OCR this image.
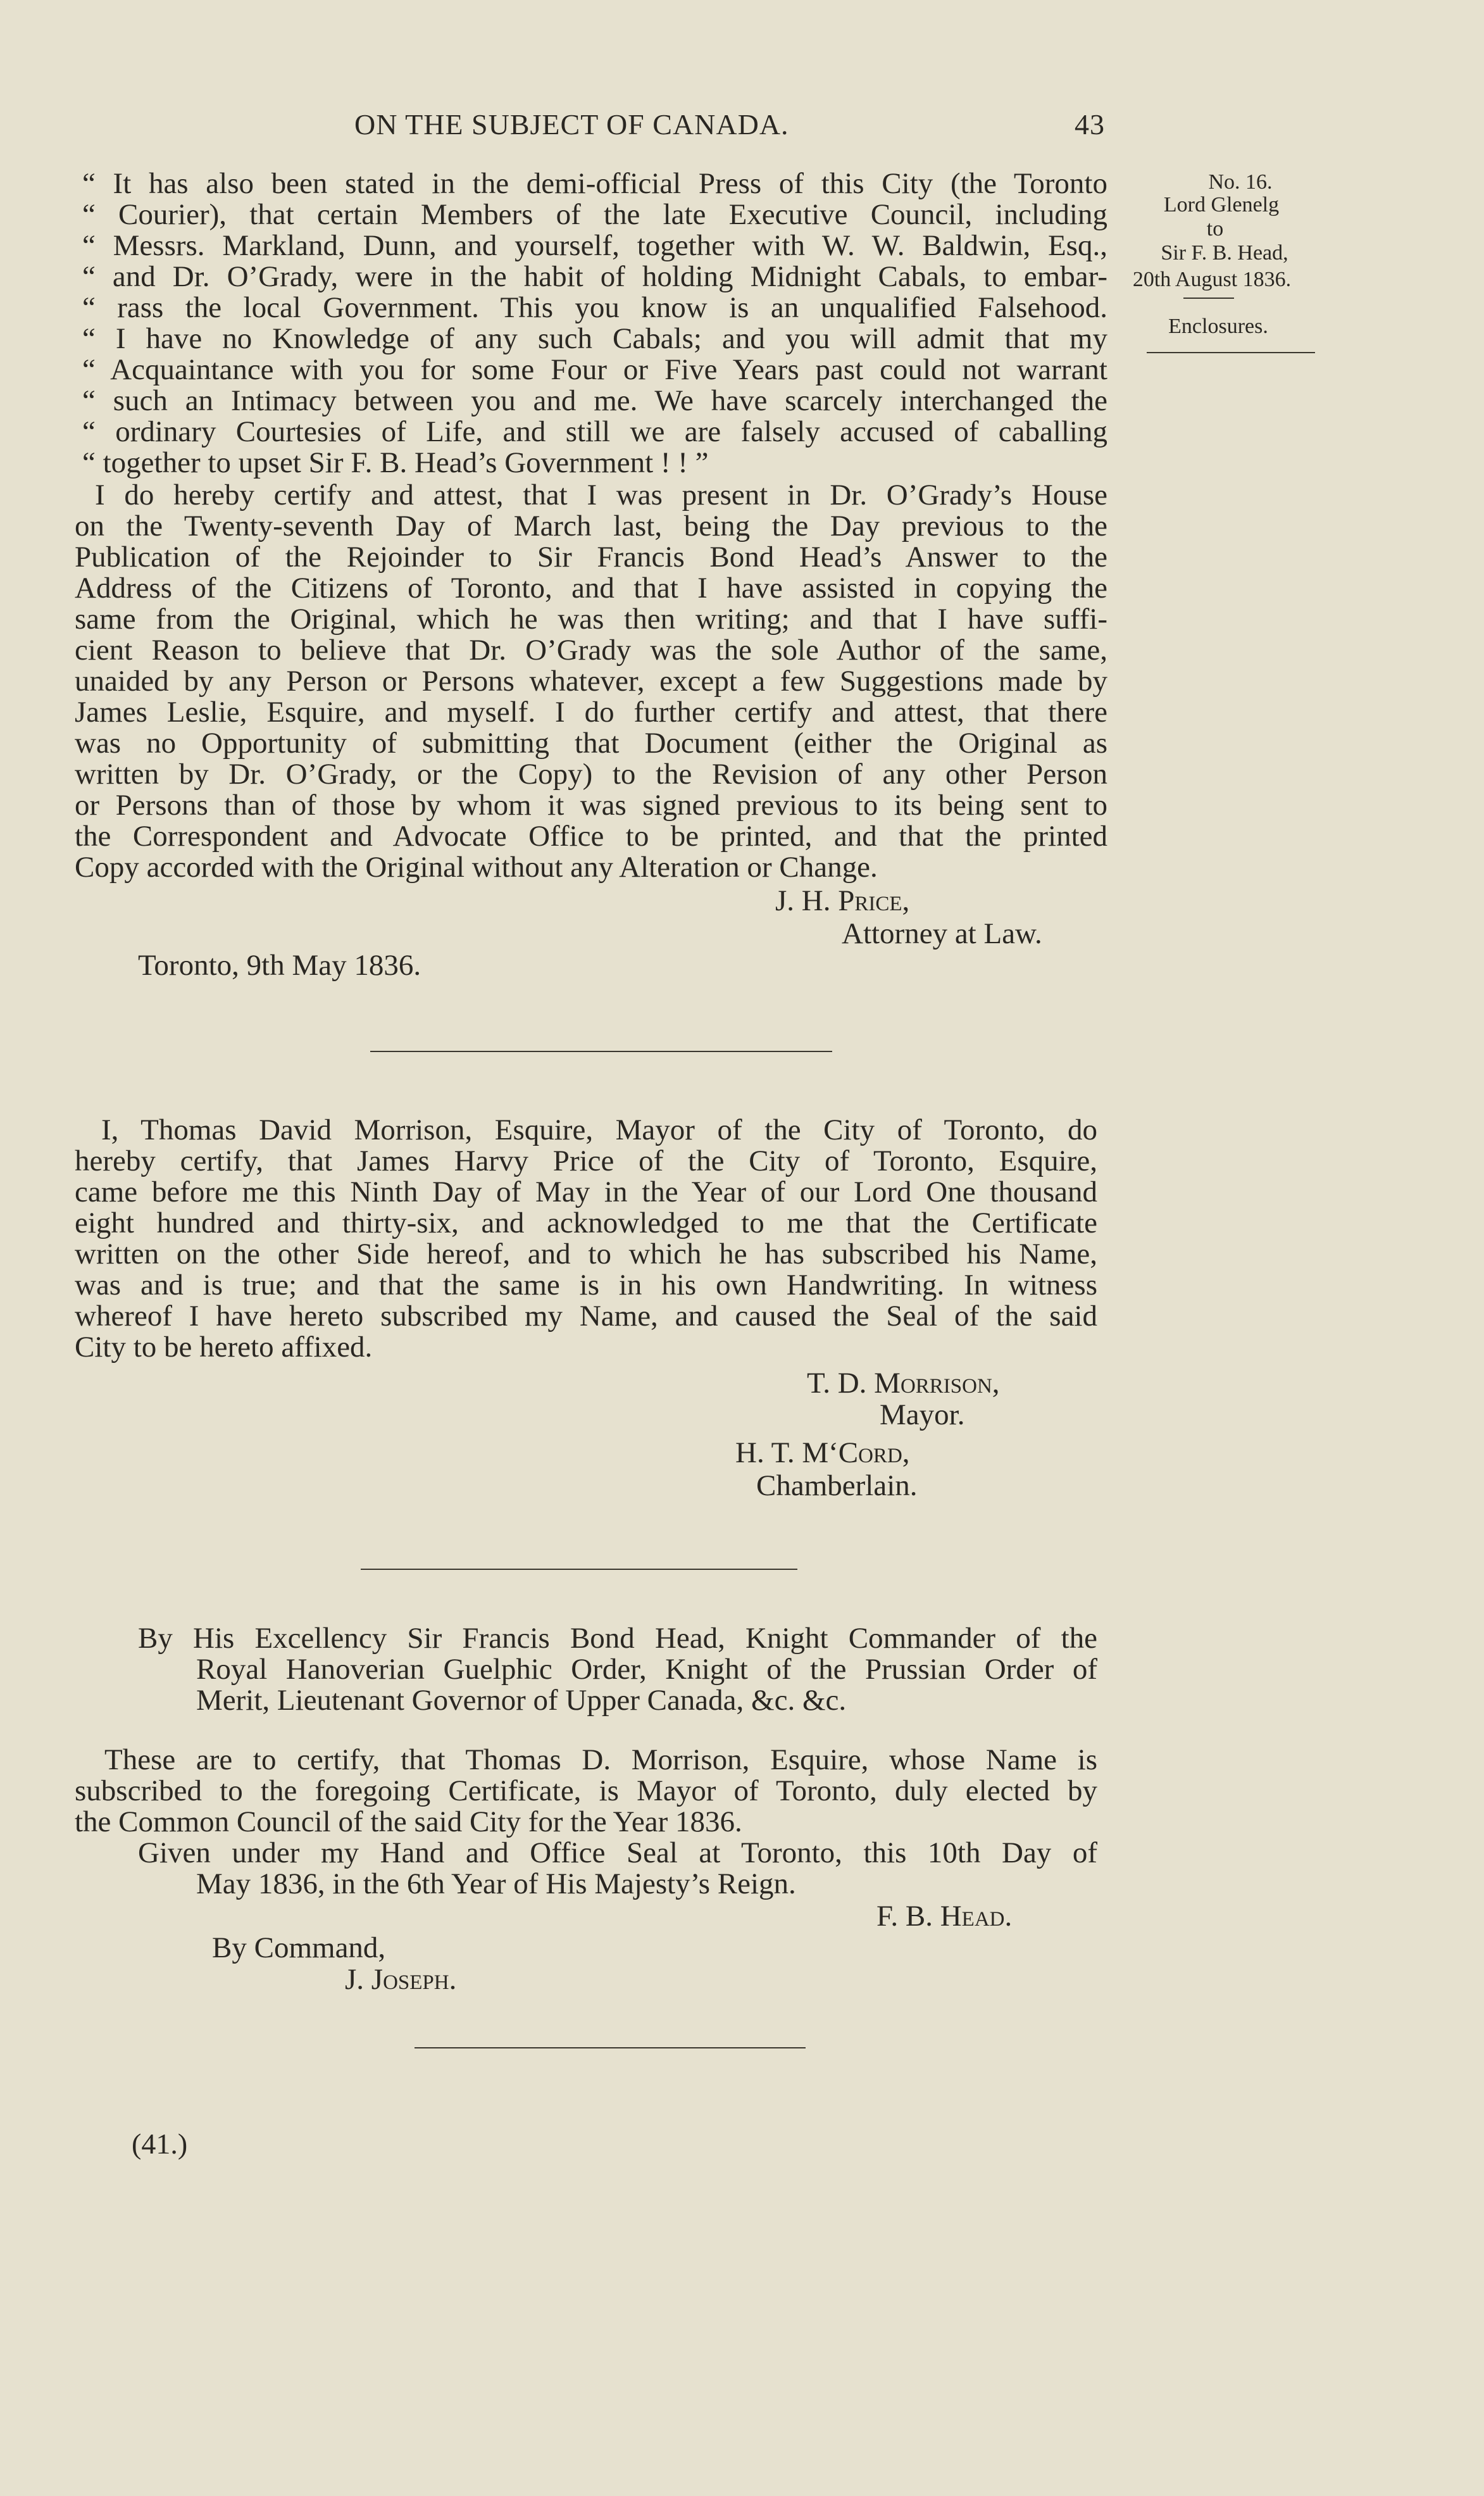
ON THE SUBJECT OF CANADA.	43
No. 16.
Lord Glenelg
to
Sir F. B. Head,
20th August 1836.
Enclosures.
“ It has also been stated in the demi-official Press of this City (the Toronto
“ Courier), that certain Members of the late Executive Council, including
“ Messrs. Markland, Dunn, and yourself, together with W. W. Baldwin, Esq.,
“ and Dr. O’Grady, were in the habit of holding Midnight Cabals, to embar-
“ rass the local Government. This you know is an unqualified Falsehood.
“ I have no Knowledge of any such Cabals; and you will admit that my
“ Acquaintance with you for some Four or Five Years past could not warrant
“ such an Intimacy between you and me. We have scarcely interchanged the
“ ordinary Courtesies of Life, and still we are falsely accused of caballing
“ together to upset Sir F. B. Head’s Government ! ! ”
I do hereby certify and attest, that I was present in Dr. O’Grady’s House
on the Twenty-seventh Day of March last, being the Day previous to the
Publication of the Rejoinder to Sir Francis Bond Head’s Answer to the
Address of the Citizens of Toronto, and that I have assisted in copying the
same from the Original, which he was then writing; and that I have suffi-
cient Reason to believe that Dr. O’Grady was the sole Author of the same,
unaided by any Person or Persons whatever, except a few Suggestions made by
James Leslie, Esquire, and myself. I do further certify and attest, that there
was no Opportunity of submitting that Document (either the Original as
written by Dr. O’Grady, or the Copy) to the Revision of any other Person
or Persons than of those by whom it was signed previous to its being sent to
the Correspondent and Advocate Office to be printed, and that the printed
Copy accorded with the Original without any Alteration or Change.
J. H. Price,
Attorney at Law.
Toronto, 9th May 1836.
I, Thomas David Morrison, Esquire, Mayor of the City of Toronto, do
hereby certify, that James Harvy Price of the City of Toronto, Esquire,
came before me this Ninth Day of May in the Year of our Lord One thousand
eight hundred and thirty-six, and acknowledged to me that the Certificate
written on the other Side hereof, and to which he has subscribed his Name,
was and is true; and that the same is in his own Handwriting. In witness
whereof I have hereto subscribed my Name, and caused the Seal of the said
City to be hereto affixed.
T. D. Morrison,
Mayor.
H. T. M‘Cord,
Chamberlain.
By His Excellency Sir Francis Bond Head, Knight Commander of the
Royal Hanoverian Guelphic Order, Knight of the Prussian Order of
Merit, Lieutenant Governor of Upper Canada, &c. &c.
These are to certify, that Thomas D. Morrison, Esquire, whose Name is
subscribed to the foregoing Certificate, is Mayor of Toronto, duly elected by
the Common Council of the said City for the Year 1836.
Given under my Hand and Office Seal at Toronto, this 10th Day of
May 1836, in the 6th Year of His Majesty’s Reign.
F. B. Head.
By Command,
J. Joseph.
(41.)
